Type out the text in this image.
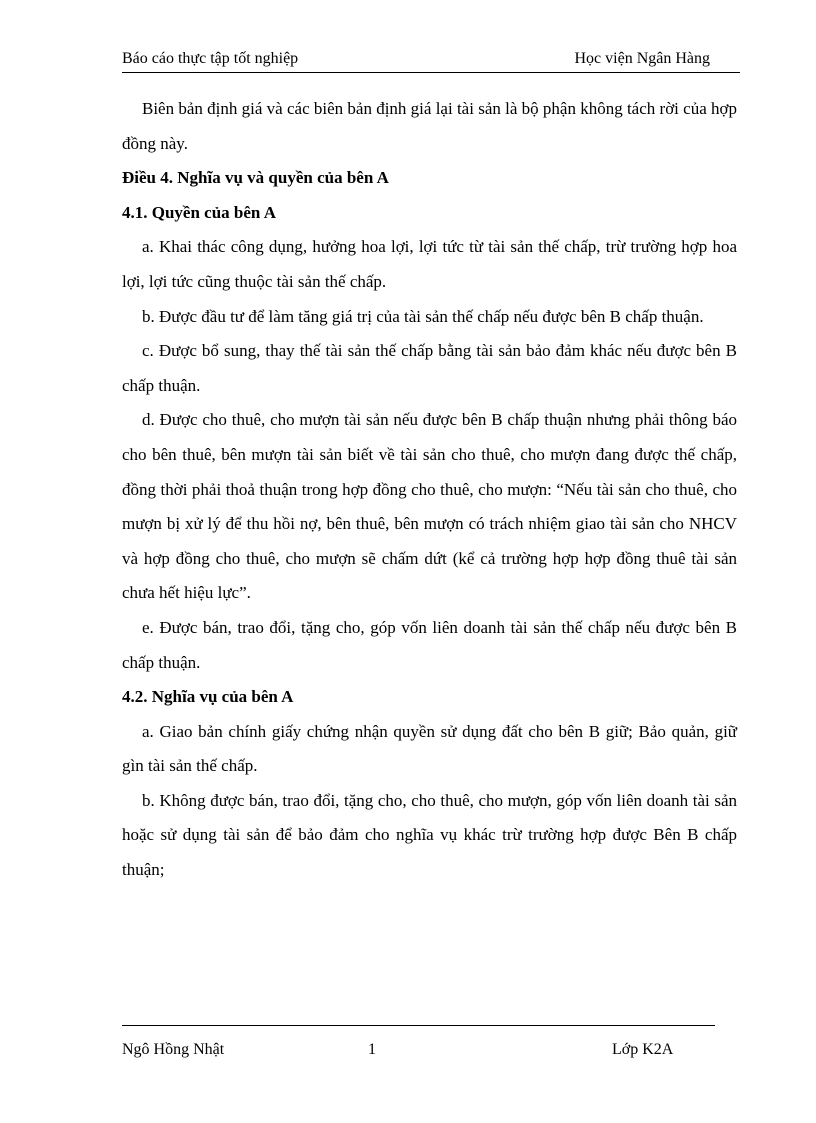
Báo cáo thực tập tốt nghiệp	Học viện Ngân Hàng

Biên bản định giá và các biên bản định giá lại tài sản là bộ phận không tách rời của hợp đồng này.

Điều 4. Nghĩa vụ và quyền của bên A

4.1. Quyền của bên A

a. Khai thác công dụng, hưởng hoa lợi, lợi tức từ tài sản thế chấp, trừ trường hợp hoa lợi, lợi tức cũng thuộc tài sản thế chấp.

b. Được đầu tư để làm tăng giá trị của tài sản thế chấp nếu được bên B chấp thuận.

c. Được bổ sung, thay thế tài sản thế chấp bằng tài sản bảo đảm khác nếu được bên B chấp thuận.

d. Được cho thuê, cho mượn tài sản nếu được bên B chấp thuận nhưng phải thông báo cho bên thuê, bên mượn tài sản biết về tài sản cho thuê, cho mượn đang được thế chấp, đồng thời phải thoả thuận trong hợp đồng cho thuê, cho mượn: “Nếu tài sản cho thuê, cho mượn bị xử lý để thu hồi nợ, bên thuê, bên mượn có trách nhiệm giao tài sản cho NHCV và hợp đồng cho thuê, cho mượn sẽ chấm dứt (kể cả trường hợp hợp đồng thuê tài sản chưa hết hiệu lực”.

e. Được bán, trao đổi, tặng cho, góp vốn liên doanh tài sản thế chấp nếu được bên B chấp thuận.

4.2. Nghĩa vụ của bên A

a. Giao bản chính giấy chứng nhận quyền sử dụng đất cho bên B giữ; Bảo quản, giữ gìn tài sản thế chấp.

b. Không được bán, trao đổi, tặng cho, cho thuê, cho mượn, góp vốn liên doanh tài sản hoặc sử dụng tài sản để bảo đảm cho nghĩa vụ khác trừ trường hợp được Bên B chấp thuận;

Ngô Hồng Nhật	1	Lớp K2A
